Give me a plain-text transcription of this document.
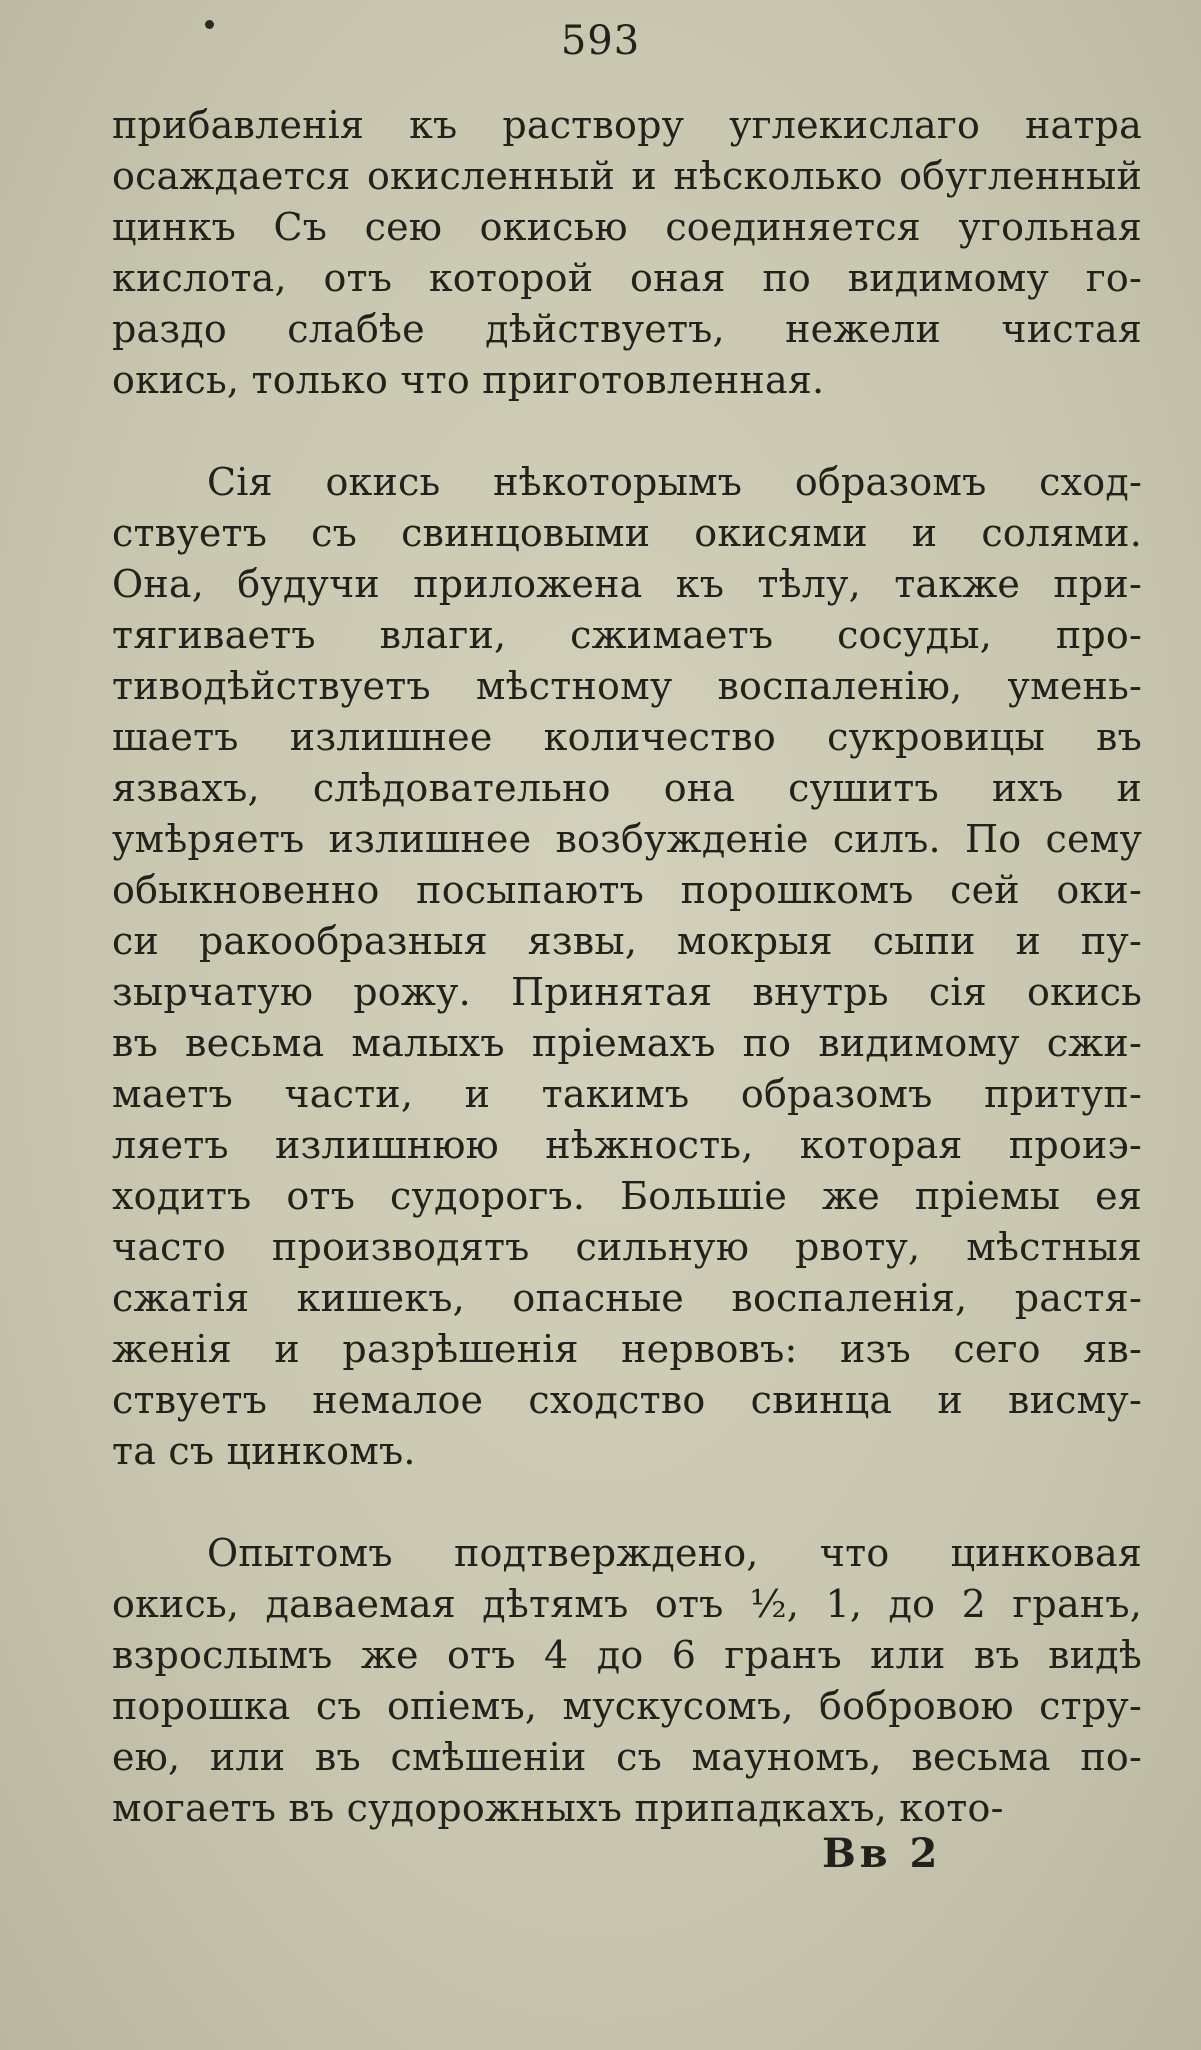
593
прибавленія къ раствору углекислаго натра
осаждается окисленный и нѣсколько обугленный
цинкъ Съ сею окисью соединяется угольная
кислота, отъ которой оная по видимому го-
раздо слабѣе дѣйствуетъ, нежели чистая
окись, только что приготовленная.
Сія окись нѣкоторымъ образомъ сход-
ствуетъ съ свинцовыми окисями и солями.
Она, будучи приложена къ тѣлу, также при-
тягиваетъ влаги, сжимаетъ сосуды, про-
тиводѣйствуетъ мѣстному воспаленію, умень-
шаетъ излишнее количество сукровицы въ
язвахъ, слѣдовательно она сушитъ ихъ и
умѣряетъ излишнее возбужденіе силъ. По сему
обыкновенно посыпаютъ порошкомъ сей оки-
си ракообразныя язвы, мокрыя сыпи и пу-
зырчатую рожу. Принятая внутрь сія окись
въ весьма малыхъ пріемахъ по видимому сжи-
маетъ части, и такимъ образомъ притуп-
ляетъ излишнюю нѣжность, которая проиэ-
ходитъ отъ судорогъ. Большіе же пріемы ея
часто производятъ сильную рвоту, мѣстныя
сжатія кишекъ, опасные воспаленія, растя-
женія и разрѣшенія нервовъ: изъ сего яв-
ствуетъ немалое сходство свинца и висму-
та съ цинкомъ.
Опытомъ подтверждено, что цинковая
окись, даваемая дѣтямъ отъ ½, 1, до 2 гранъ,
взрослымъ же отъ 4 до 6 гранъ или въ видѣ
порошка съ опіемъ, мускусомъ, бобровою стру-
ею, или въ смѣшеніи съ мауномъ, весьма по-
могаетъ въ судорожныхъ припадкахъ, кото-
Вв 2
